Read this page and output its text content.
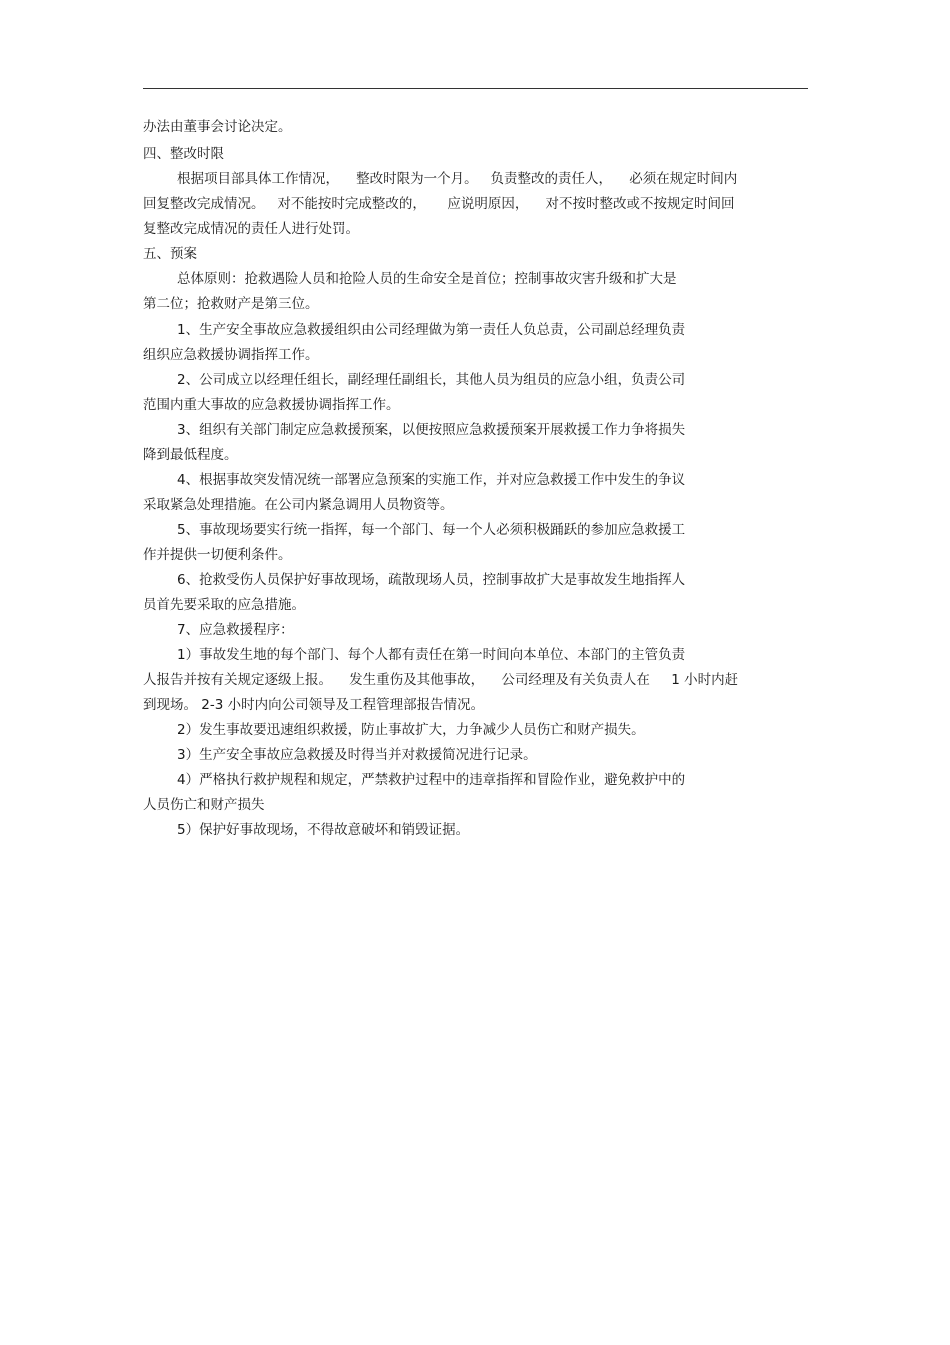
办法由董事会讨论决定。
四、整改时限
根据项目部具体工作情况，    整改时限为一个月。   负责整改的责任人，    必须在规定时间内
回复整改完成情况。   对不能按时完成整改的，     应说明原因，    对不按时整改或不按规定时间回
复整改完成情况的责任人进行处罚。
五、预案
总体原则：抢救遇险人员和抢险人员的生命安全是首位；控制事故灾害升级和扩大是
第二位；抢救财产是第三位。
1、生产安全事故应急救援组织由公司经理做为第一责任人负总责，公司副总经理负责
组织应急救援协调指挥工作。
2、公司成立以经理任组长，副经理任副组长，其他人员为组员的应急小组，负责公司
范围内重大事故的应急救援协调指挥工作。
3、组织有关部门制定应急救援预案，以便按照应急救援预案开展救援工作力争将损失
降到最低程度。
4、根据事故突发情况统一部署应急预案的实施工作，并对应急救援工作中发生的争议
采取紧急处理措施。在公司内紧急调用人员物资等。
5、事故现场要实行统一指挥，每一个部门、每一个人必须积极踊跃的参加应急救援工
作并提供一切便利条件。
6、抢救受伤人员保护好事故现场，疏散现场人员，控制事故扩大是事故发生地指挥人
员首先要采取的应急措施。
7、应急救援程序：
1）事故发生地的每个部门、每个人都有责任在第一时间向本单位、本部门的主管负责
人报告并按有关规定逐级上报。    发生重伤及其他事故，    公司经理及有关负责人在     1 小时内赶
到现场。 2-3 小时内向公司领导及工程管理部报告情况。
2）发生事故要迅速组织救援，防止事故扩大，力争减少人员伤亡和财产损失。
3）生产安全事故应急救援及时得当并对救援简况进行记录。
4）严格执行救护规程和规定，严禁救护过程中的违章指挥和冒险作业，避免救护中的
人员伤亡和财产损失
5）保护好事故现场，不得故意破坏和销毁证据。
